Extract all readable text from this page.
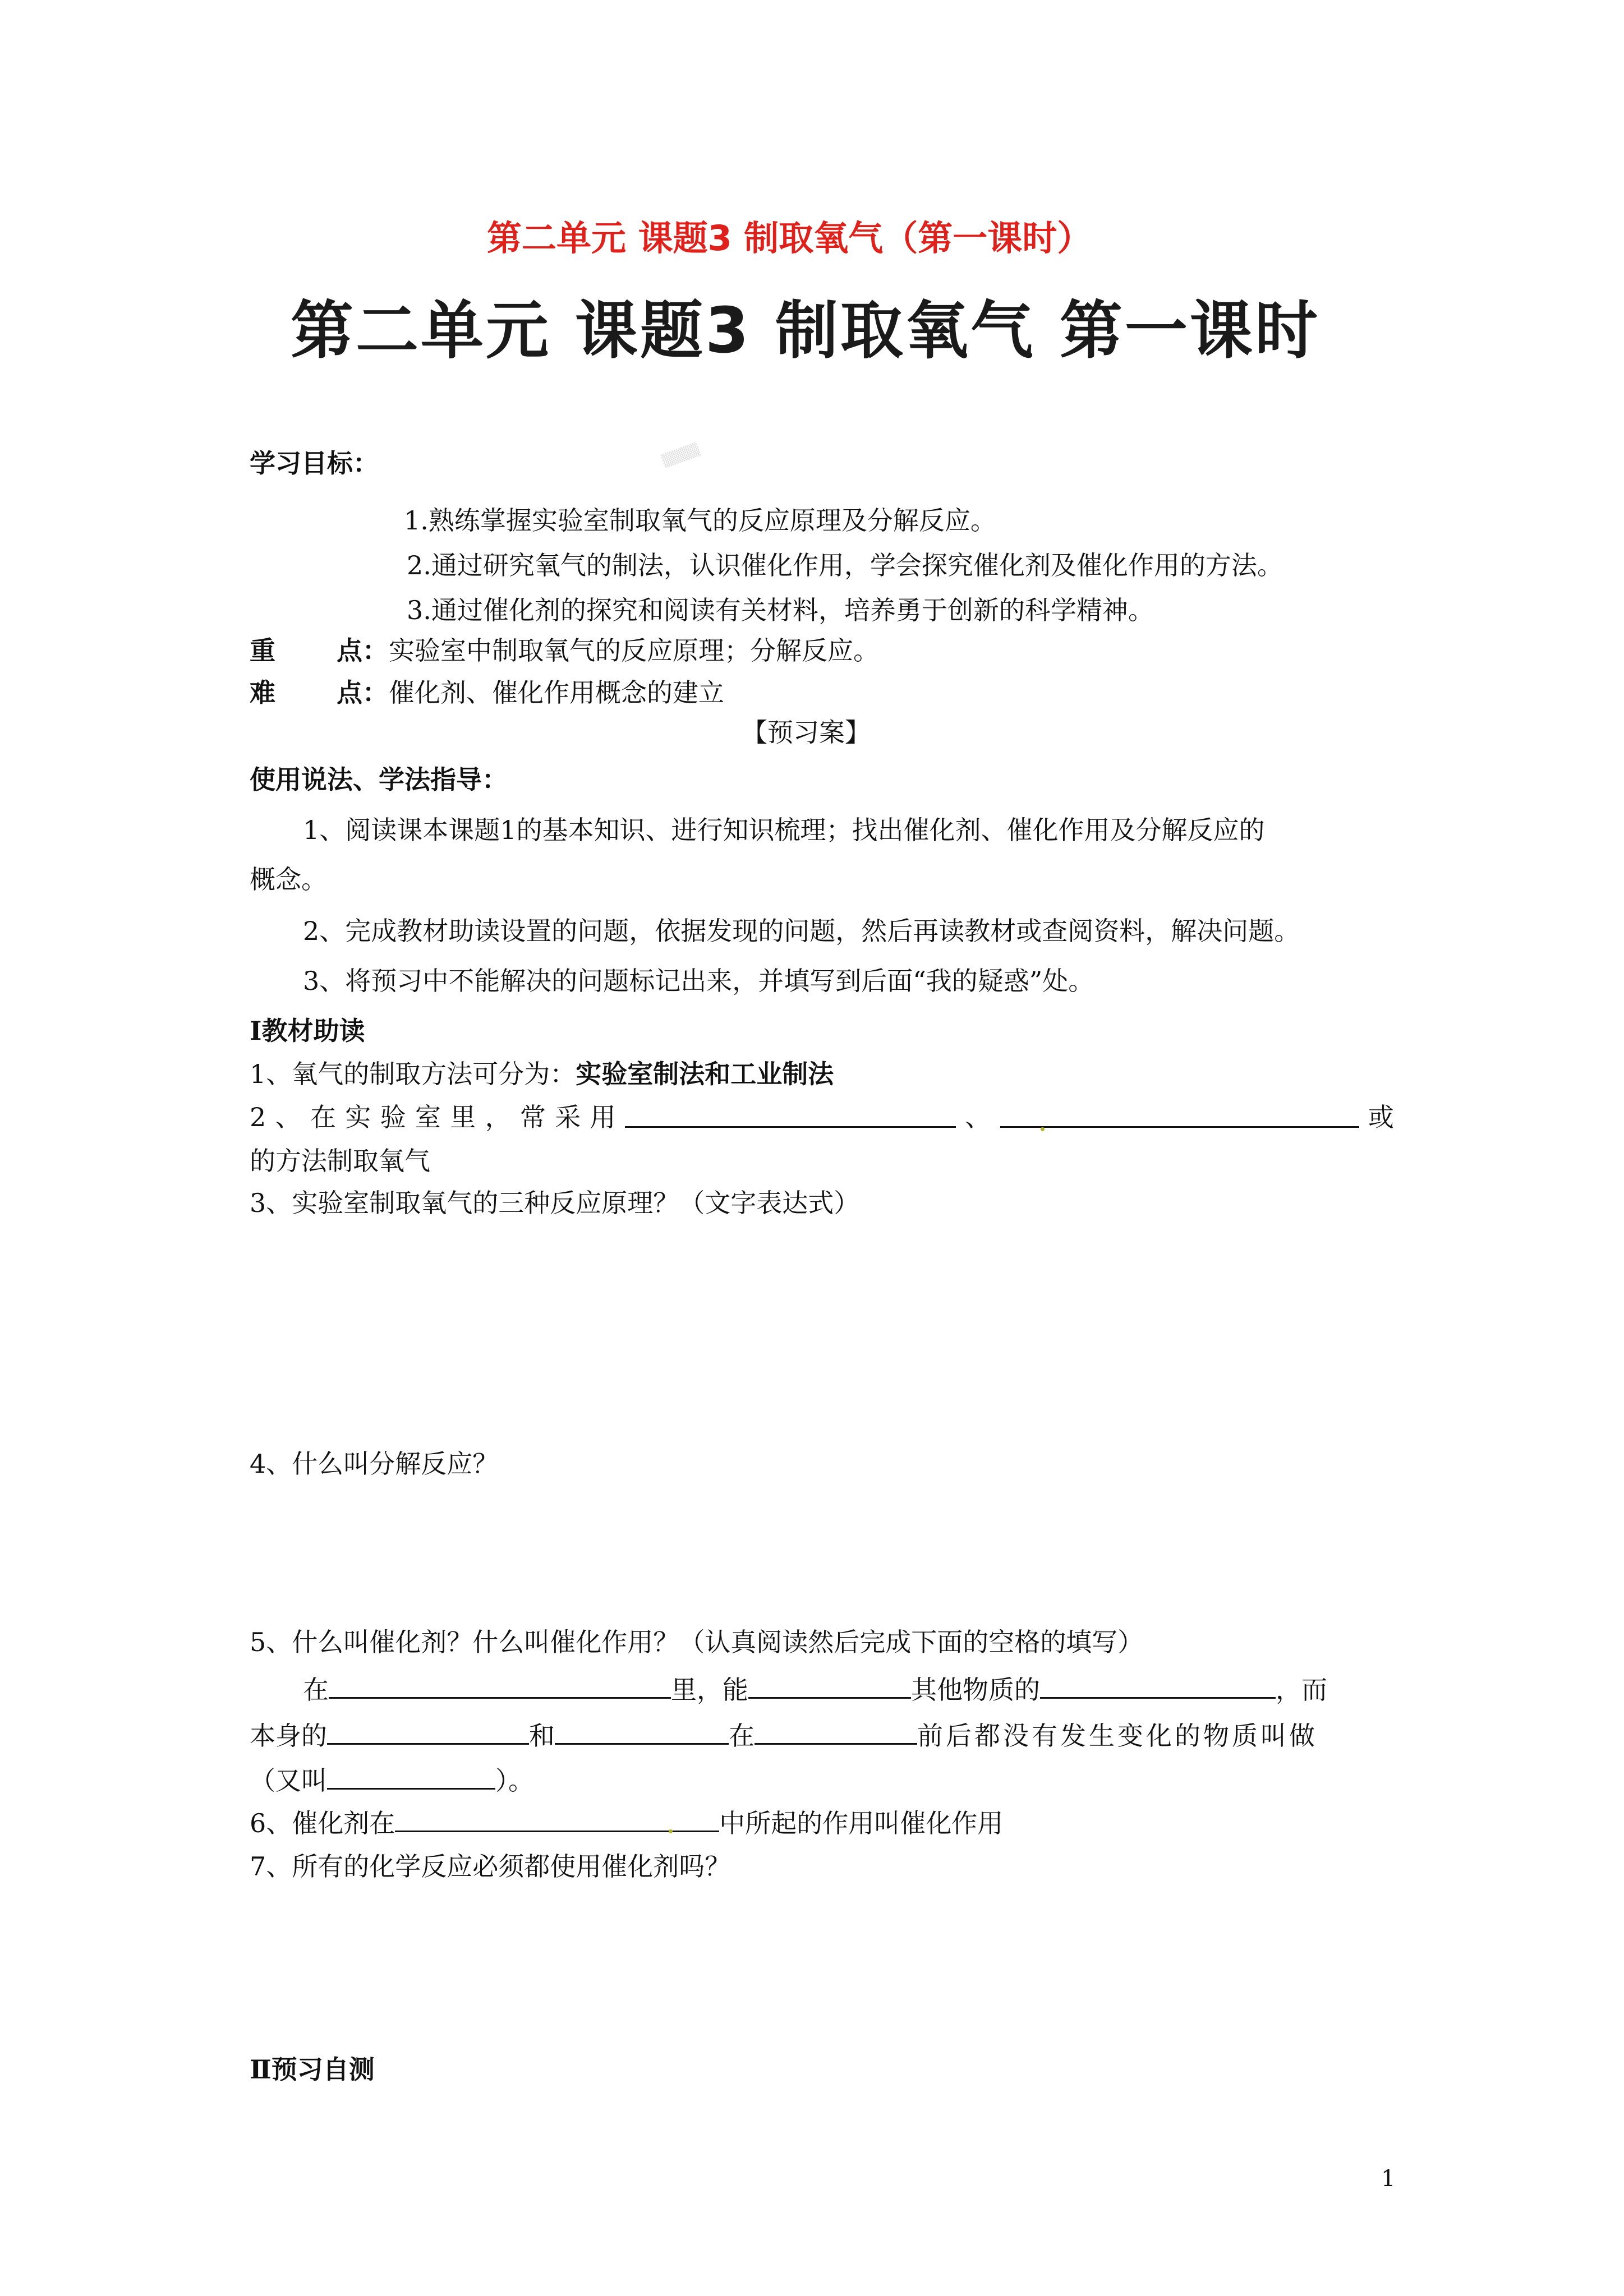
第二单元 课题3 制取氧气（第一课时）
第二单元 课题3 制取氧气 第一课时
▒▒▒▒
学习目标：
1.熟练掌握实验室制取氧气的反应原理及分解反应。
2.通过研究氧气的制法，认识催化作用，学会探究催化剂及催化作用的方法。
3.通过催化剂的探究和阅读有关材料，培养勇于创新的科学精神。
重 点： 实验室中制取氧气的反应原理；分解反应。
难 点： 催化剂、催化作用概念的建立
【预习案】
使用说法、学法指导：
1、阅读课本课题1的基本知识、进行知识梳理；找出催化剂、催化作用及分解反应的
概念。
2、完成教材助读设置的问题，依据发现的问题，然后再读教材或查阅资料，解决问题。
3、将预习中不能解决的问题标记出来，并填写到后面“我的疑惑”处。
Ⅰ教材助读
1、氧气的制取方法可分为：实验室制法和工业制法
2 、 在 实 验 室 里 ， 常 采 用	、	或
的方法制取氧气
3、实验室制取氧气的三种反应原理？（文字表达式）
4、什么叫分解反应？
5、什么叫催化剂？什么叫催化作用？（认真阅读然后完成下面的空格的填写）
在	里，能	其他物质的	，而
本身的	和	在	前后都没有发生变化的物质叫做
（又叫	）。
6、催化剂在	中所起的作用叫催化作用
7、所有的化学反应必须都使用催化剂吗？
Ⅱ预习自测
1
